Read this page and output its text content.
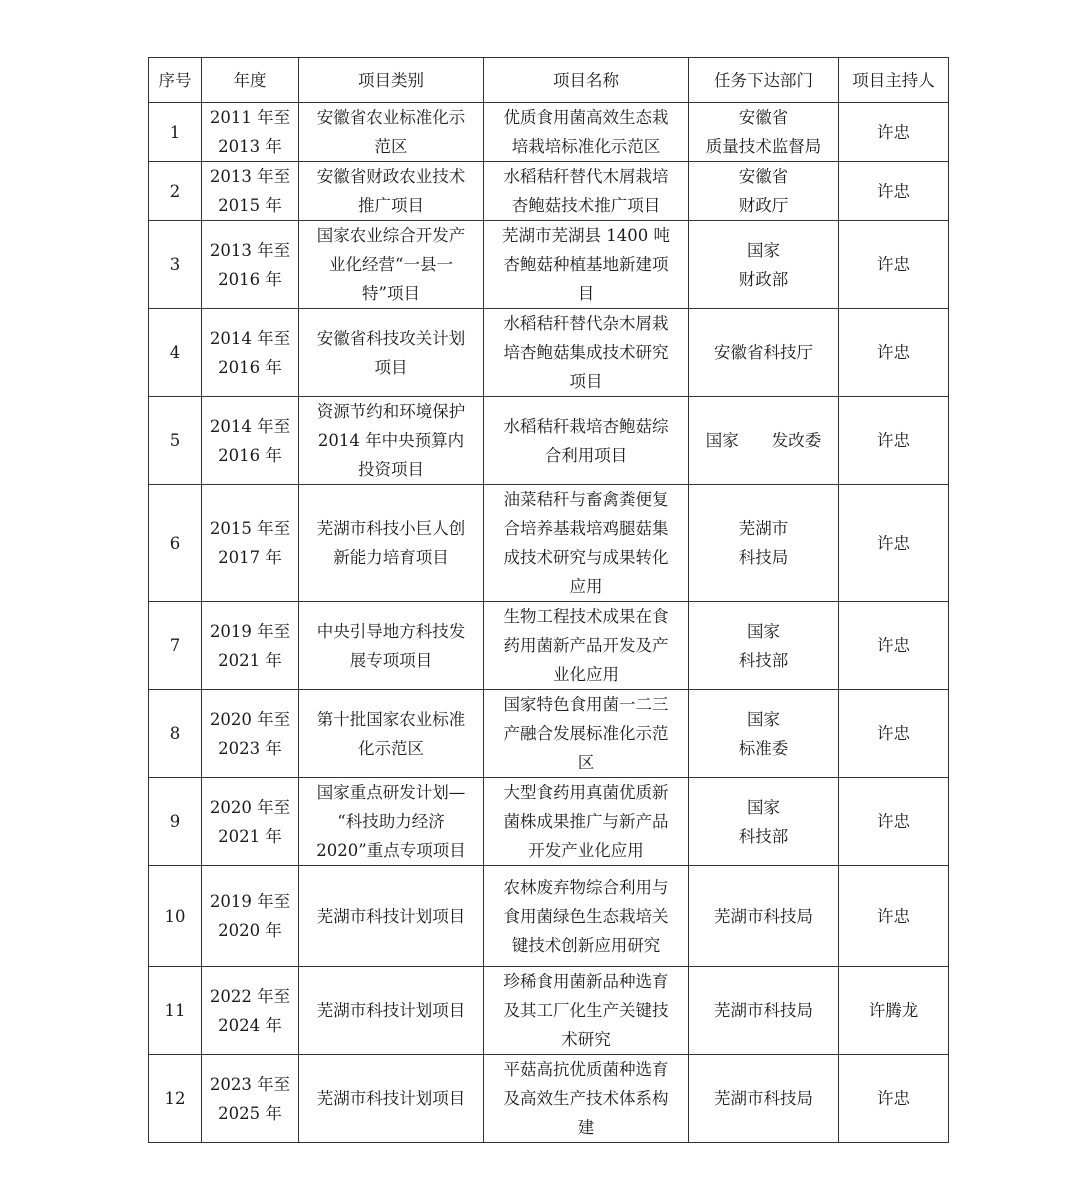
序号	年度	项目类别	项目名称	任务下达部门	项目主持人

1	2011 年至
2013 年	安徽省农业标准化示
范区	优质食用菌高效生态栽
培栽培标准化示范区	安徽省
质量技术监督局	许忠

2	2013 年至
2015 年	安徽省财政农业技术
推广项目	水稻秸秆替代木屑栽培
杏鲍菇技术推广项目	安徽省
财政厅	许忠

3	2013 年至
2016 年	国家农业综合开发产
业化经营“一县一
特”项目	芜湖市芜湖县 1400 吨
杏鲍菇种植基地新建项
目	国家
财政部	许忠

4	2014 年至
2016 年	安徽省科技攻关计划
项目	水稻秸秆替代杂木屑栽
培杏鲍菇集成技术研究
项目	安徽省科技厅	许忠

5	2014 年至
2016 年	资源节约和环境保护
2014 年中央预算内
投资项目	水稻秸秆栽培杏鲍菇综
合利用项目	国家　　发改委	许忠

6	2015 年至
2017 年	芜湖市科技小巨人创
新能力培育项目	油菜秸秆与畜禽粪便复
合培养基栽培鸡腿菇集
成技术研究与成果转化
应用	芜湖市
科技局	许忠

7	2019 年至
2021 年	中央引导地方科技发
展专项项目	生物工程技术成果在食
药用菌新产品开发及产
业化应用	国家
科技部	许忠

8	2020 年至
2023 年	第十批国家农业标准
化示范区	国家特色食用菌一二三
产融合发展标准化示范
区	国家
标准委	许忠

9	2020 年至
2021 年	国家重点研发计划—
“科技助力经济
2020”重点专项项目	大型食药用真菌优质新
菌株成果推广与新产品
开发产业化应用	国家
科技部	许忠

10	2019 年至
2020 年	芜湖市科技计划项目	农林废弃物综合利用与
食用菌绿色生态栽培关
键技术创新应用研究	芜湖市科技局	许忠

11	2022 年至
2024 年	芜湖市科技计划项目	珍稀食用菌新品种选育
及其工厂化生产关键技
术研究	芜湖市科技局	许腾龙

12	2023 年至
2025 年	芜湖市科技计划项目	平菇高抗优质菌种选育
及高效生产技术体系构
建	芜湖市科技局	许忠
